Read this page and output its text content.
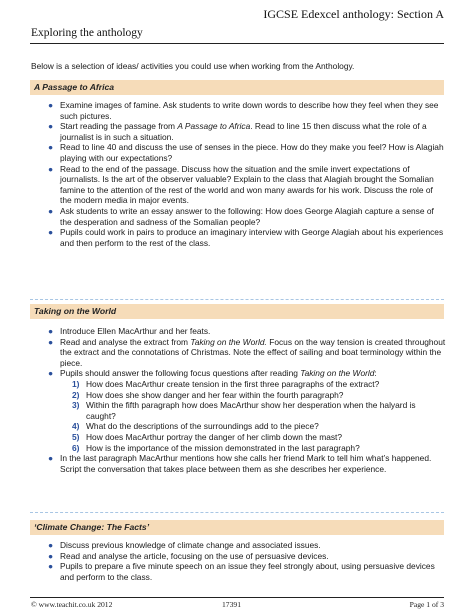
IGCSE Edexcel anthology: Section A
Exploring the anthology
Below is a selection of ideas/ activities you could use when working from the Anthology.
A Passage to Africa
● Examine images of famine. Ask students to write down words to describe how they feel when they see such pictures.
● Start reading the passage from A Passage to Africa. Read to line 15 then discuss what the role of a journalist is in such a situation.
● Read to line 40 and discuss the use of senses in the piece. How do they make you feel? How is Alagiah playing with our expectations?
● Read to the end of the passage. Discuss how the situation and the smile invert expectations of journalists. Is the art of the observer valuable? Explain to the class that Alagiah brought the Somalian famine to the attention of the rest of the world and won many awards for his work. Discuss the role of the modern media in major events.
● Ask students to write an essay answer to the following: How does George Alagiah capture a sense of the desperation and sadness of the Somalian people?
● Pupils could work in pairs to produce an imaginary interview with George Alagiah about his experiences and then perform to the rest of the class.
Taking on the World
● Introduce Ellen MacArthur and her feats.
● Read and analyse the extract from Taking on the World. Focus on the way tension is created throughout the extract and the connotations of Christmas. Note the effect of sailing and boat terminology within the piece.
● Pupils should answer the following focus questions after reading Taking on the World:
1) How does MacArthur create tension in the first three paragraphs of the extract?
2) How does she show danger and her fear within the fourth paragraph?
3) Within the fifth paragraph how does MacArthur show her desperation when the halyard is caught?
4) What do the descriptions of the surroundings add to the piece?
5) How does MacArthur portray the danger of her climb down the mast?
6) How is the importance of the mission demonstrated in the last paragraph?
● In the last paragraph MacArthur mentions how she calls her friend Mark to tell him what’s happened. Script the conversation that takes place between them as she describes her experience.
‘Climate Change: The Facts’
● Discuss previous knowledge of climate change and associated issues.
● Read and analyse the article, focusing on the use of persuasive devices.
● Pupils to prepare a five minute speech on an issue they feel strongly about, using persuasive devices and perform to the class.
© www.teachit.co.uk 2012	17391	Page 1 of 3
